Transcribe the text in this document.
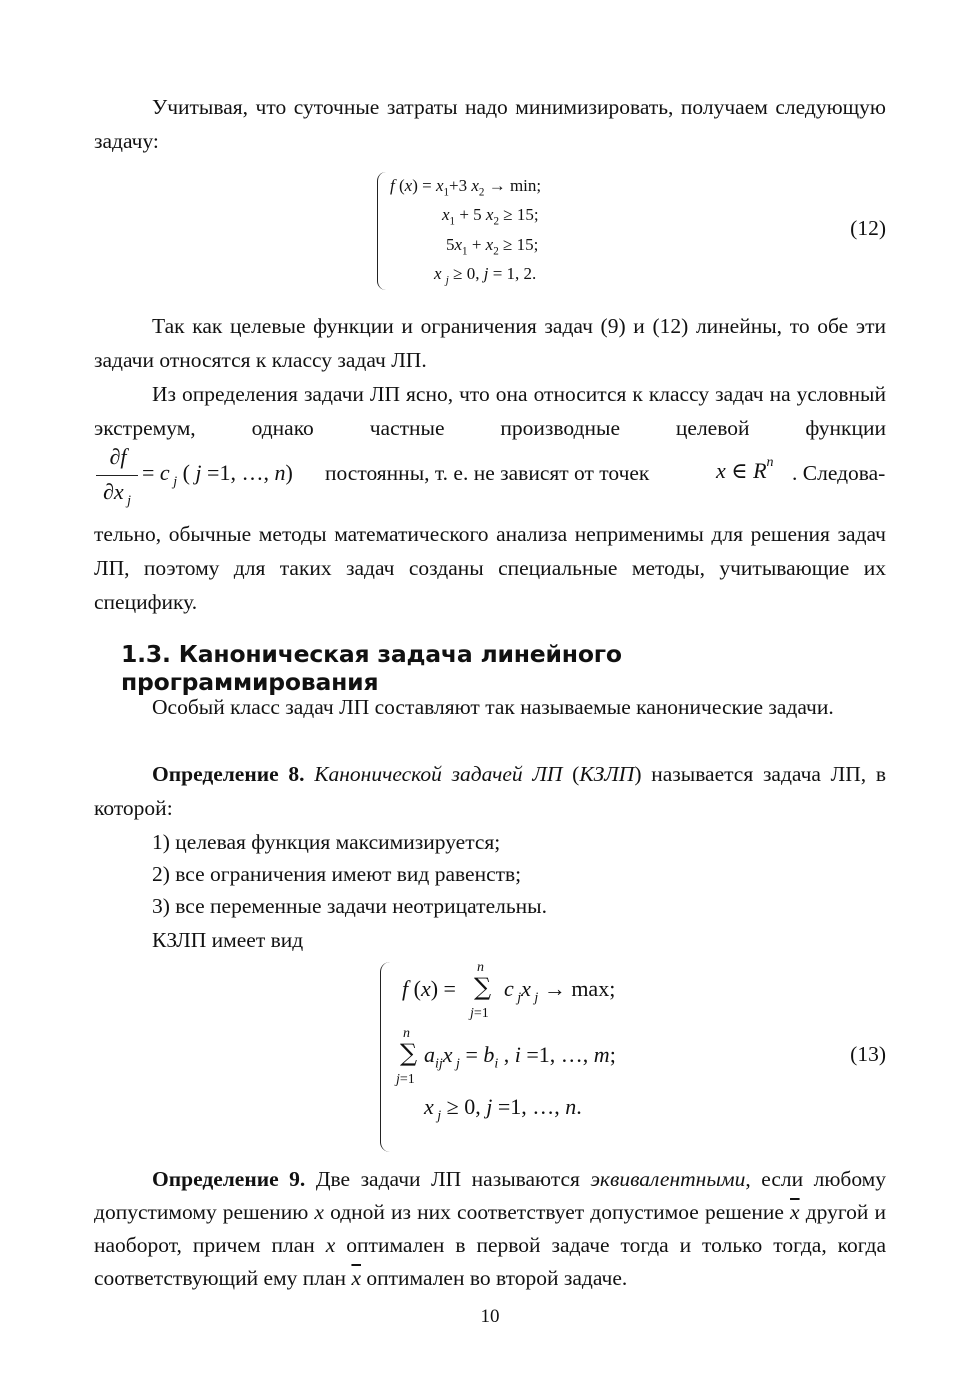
Учитывая, что суточные затраты надо минимизировать, получаем следующую задачу:

f $(x) = x_1+3$ $x_2 \to \min$;
$x_1 + 5$ $x_2 \ge 15$;
$5x_1 + x_2 \ge 15$;
x $_j$ ≥ 0, j = 1, 2.
(12)

Так как целевые функции и ограничения задач (9) и (12) линейны, то обе эти задачи относятся к классу задач ЛП.

Из определения задачи ЛП ясно, что она относится к классу задач на условный экстремум, однако частные производные целевой функции

∂f
∂x $_j$
= c $_j$ ( j =1, …, n) постоянны, т. е. не зависят от точек	x ∈ $R^n$ . Следова-

тельно, обычные методы математического анализа неприменимы для решения задач ЛП, поэтому для таких задач созданы специальные методы, учитывающие их специфику.

1.3. Каноническая задача линейного программирования

Особый класс задач ЛП составляют так называемые канонические задачи.

Определение 8. Канонической задачей ЛП (КЗЛП) называется задача ЛП, в которой:

1) целевая функция максимизируется;
2) все ограничения имеют вид равенств;
3) все переменные задачи неотрицательны.
КЗЛП имеет вид
f (x) =
n
∑
j=1
c $_j$x $_j$ → max;
n
∑
j=1
$a_{ij}x$ $_j = b_i$ , i =1, …, m;
x $_j$ ≥ 0, j =1, …, n.
(13)

Определение 9. Две задачи ЛП называются эквивалентными, если любому допустимому решению x одной из них соответствует допустимое решение $\overline{x}$ другой и наоборот, причем план x оптимален в первой задаче тогда и только тогда, когда соответствующий ему план $\overline{x}$ оптимален во второй задаче.

10
